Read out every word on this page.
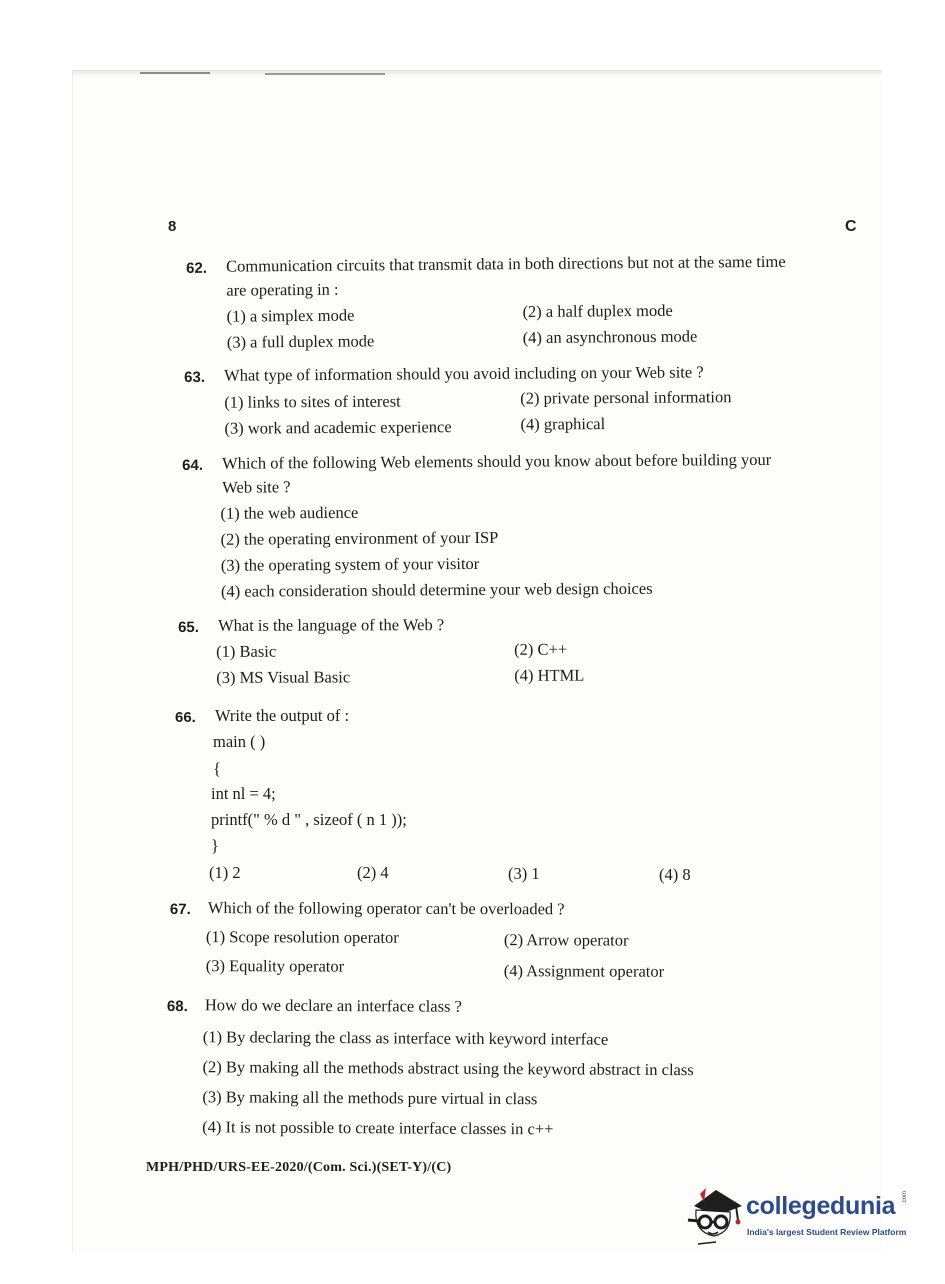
8	C
62. Communication circuits that transmit data in both directions but not at the same time
are operating in :
(1) a simplex mode	(2) a half duplex mode
(3) a full duplex mode	(4) an asynchronous mode
63. What type of information should you avoid including on your Web site ?
(1) links to sites of interest	(2) private personal information
(3) work and academic experience	(4) graphical
64. Which of the following Web elements should you know about before building your
Web site ?
(1) the web audience
(2) the operating environment of your ISP
(3) the operating system of your visitor
(4) each consideration should determine your web design choices
65. What is the language of the Web ?
(1) Basic	(2) C++
(3) MS Visual Basic	(4) HTML
66. Write the output of :
main ( )
{
int nl = 4;
printf(" % d " , sizeof ( n 1 ));
}
(1) 2	(2) 4	(3) 1	(4) 8
67. Which of the following operator can't be overloaded ?
(1) Scope resolution operator	(2) Arrow operator
(3) Equality operator	(4) Assignment operator
68. How do we declare an interface class ?
(1) By declaring the class as interface with keyword interface
(2) By making all the methods abstract using the keyword abstract in class
(3) By making all the methods pure virtual in class
(4) It is not possible to create interface classes in c++
MPH/PHD/URS-EE-2020/(Com. Sci.)(SET-Y)/(C)
collegedunia
India's largest Student Review Platform
.com
